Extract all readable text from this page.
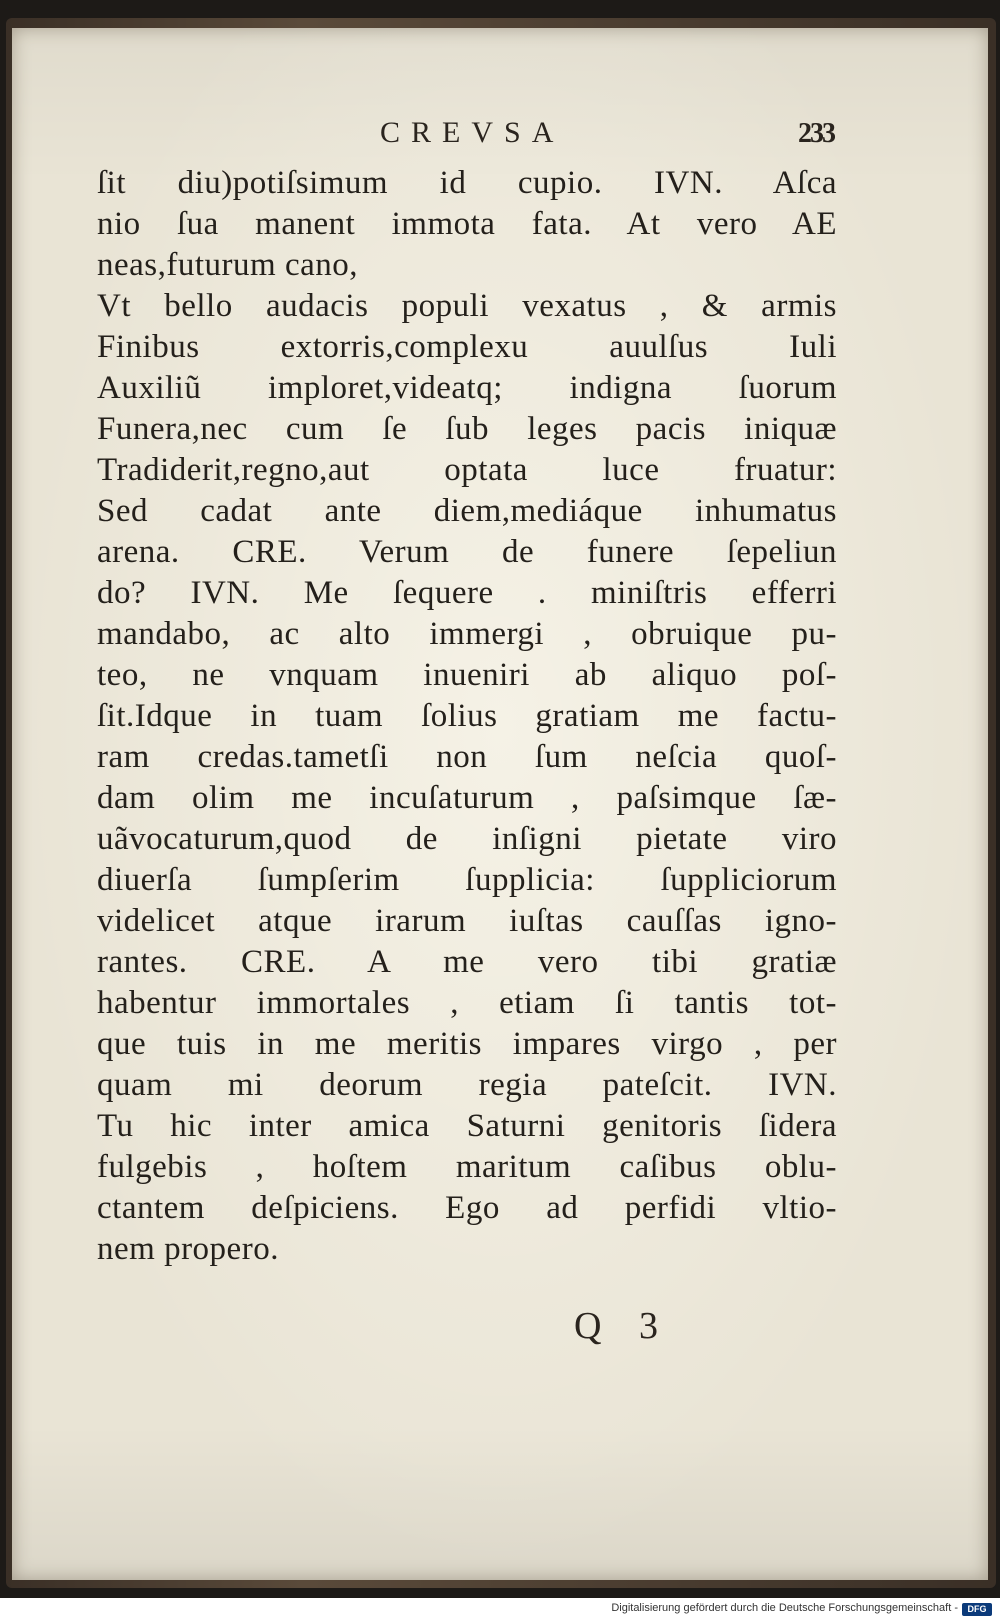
CREVSA	233
ſit diu)potiſsimum id cupio. IVN. Aſca
nio ſua manent immota fata. At vero AE
neas,futurum cano,
Vt bello audacis populi vexatus , & armis
Finibus extorris,complexu auulſus Iuli
Auxiliũ imploret,videatq; indigna ſuorum
Funera,nec cum ſe ſub leges pacis iniquæ
Tradiderit,regno,aut optata luce fruatur:
Sed cadat ante diem,mediáque inhumatus
arena. CRE. Verum de funere ſepeliun
do? IVN. Me ſequere . miniſtris efferri
mandabo, ac alto immergi , obruique pu-
teo, ne vnquam inueniri ab aliquo poſ-
ſit.Idque in tuam ſolius gratiam me factu-
ram credas.tametſi non ſum neſcia quoſ-
dam olim me incuſaturum , paſsimque ſæ-
uãvocaturum,quod de inſigni pietate viro
diuerſa ſumpſerim ſupplicia: ſuppliciorum
videlicet atque irarum iuſtas cauſſas igno-
rantes. CRE. A me vero tibi gratiæ
habentur immortales , etiam ſi tantis tot-
que tuis in me meritis impares virgo , per
quam mi deorum regia pateſcit. IVN.
Tu hic inter amica Saturni genitoris ſidera
fulgebis , hoſtem maritum caſibus oblu-
ctantem deſpiciens. Ego ad perfidi vltio-
nem propero.
Q 3
Digitalisierung gefördert durch die Deutsche Forschungsgemeinschaft -	DFG
